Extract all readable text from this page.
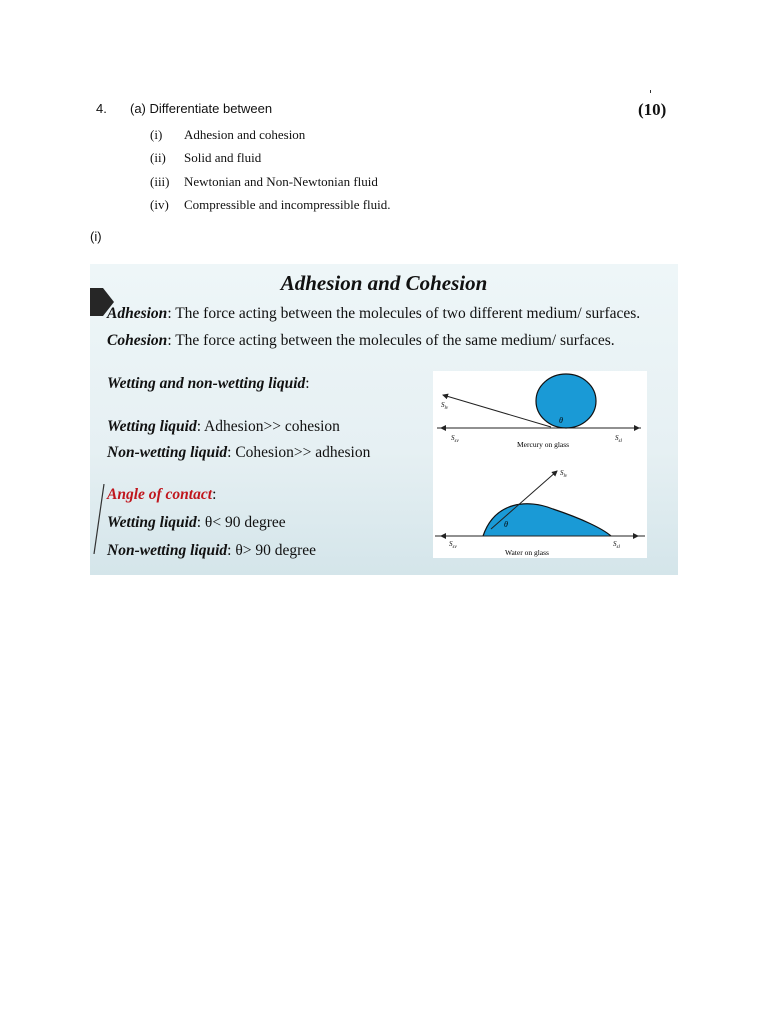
4. (a) Differentiate between	(10)
(i)	Adhesion and cohesion
(ii)	Solid and fluid
(iii)	Newtonian and Non-Newtonian fluid
(iv)	Compressible and incompressible fluid.
(i)
Adhesion and Cohesion
Adhesion: The force acting between the molecules of two different medium/ surfaces.
Cohesion: The force acting between the molecules of the same medium/ surfaces.
Wetting and non-wetting liquid:
Wetting liquid: Adhesion>> cohesion
Non-wetting liquid: Cohesion>> adhesion
Angle of contact:
Wetting liquid: θ< 90 degree
Non-wetting liquid: θ> 90 degree
θ
$S_{lv}$
$S_{sv}$	$S_{sl}$
Mercury on glass
θ
$S_{lv}$
$S_{sv}$	$S_{sl}$
Water on glass
